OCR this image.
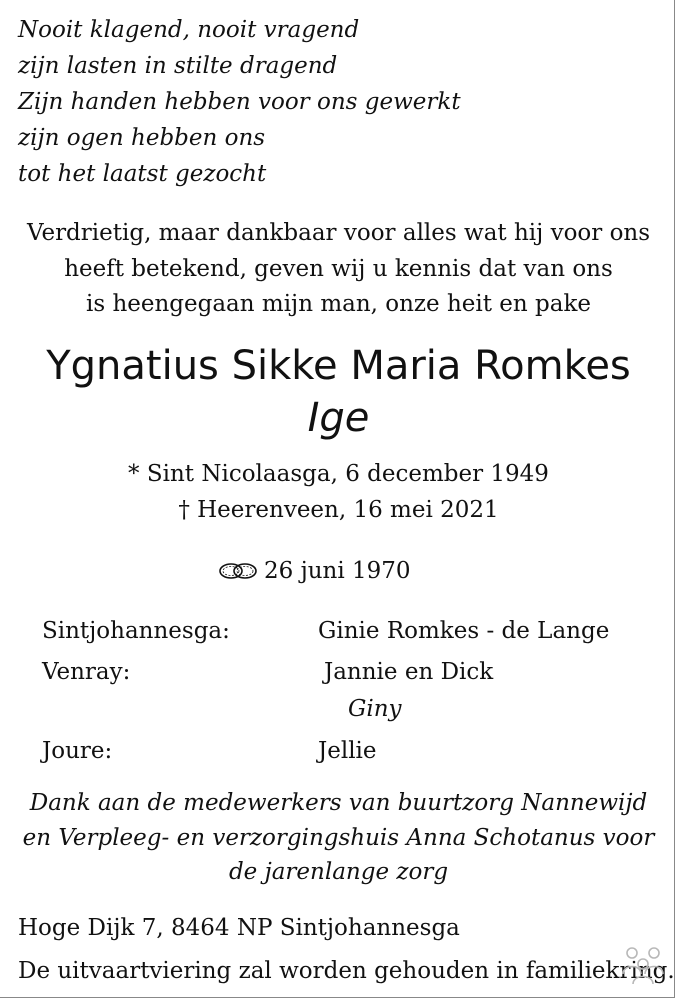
Nooit klagend, nooit vragend
zijn lasten in stilte dragend
Zijn handen hebben voor ons gewerkt
zijn ogen hebben ons
tot het laatst gezocht
Verdrietig, maar dankbaar voor alles wat hij voor ons
heeft betekend, geven wij u kennis dat van ons
is heengegaan mijn man, onze heit en pake
Ygnatius Sikke Maria Romkes
Ige
* Sint Nicolaasga, 6 december 1949
† Heerenveen, 16 mei 2021
26 juni 1970
Sintjohannesga:	Ginie Romkes - de Lange
Venray:	Jannie en Dick
Giny
Joure:	Jellie
Dank aan de medewerkers van buurtzorg Nannewijd
en Verpleeg- en verzorgingshuis Anna Schotanus voor
de jarenlange zorg
Hoge Dijk 7, 8464 NP Sintjohannesga
De uitvaartviering zal worden gehouden in familiekring.
